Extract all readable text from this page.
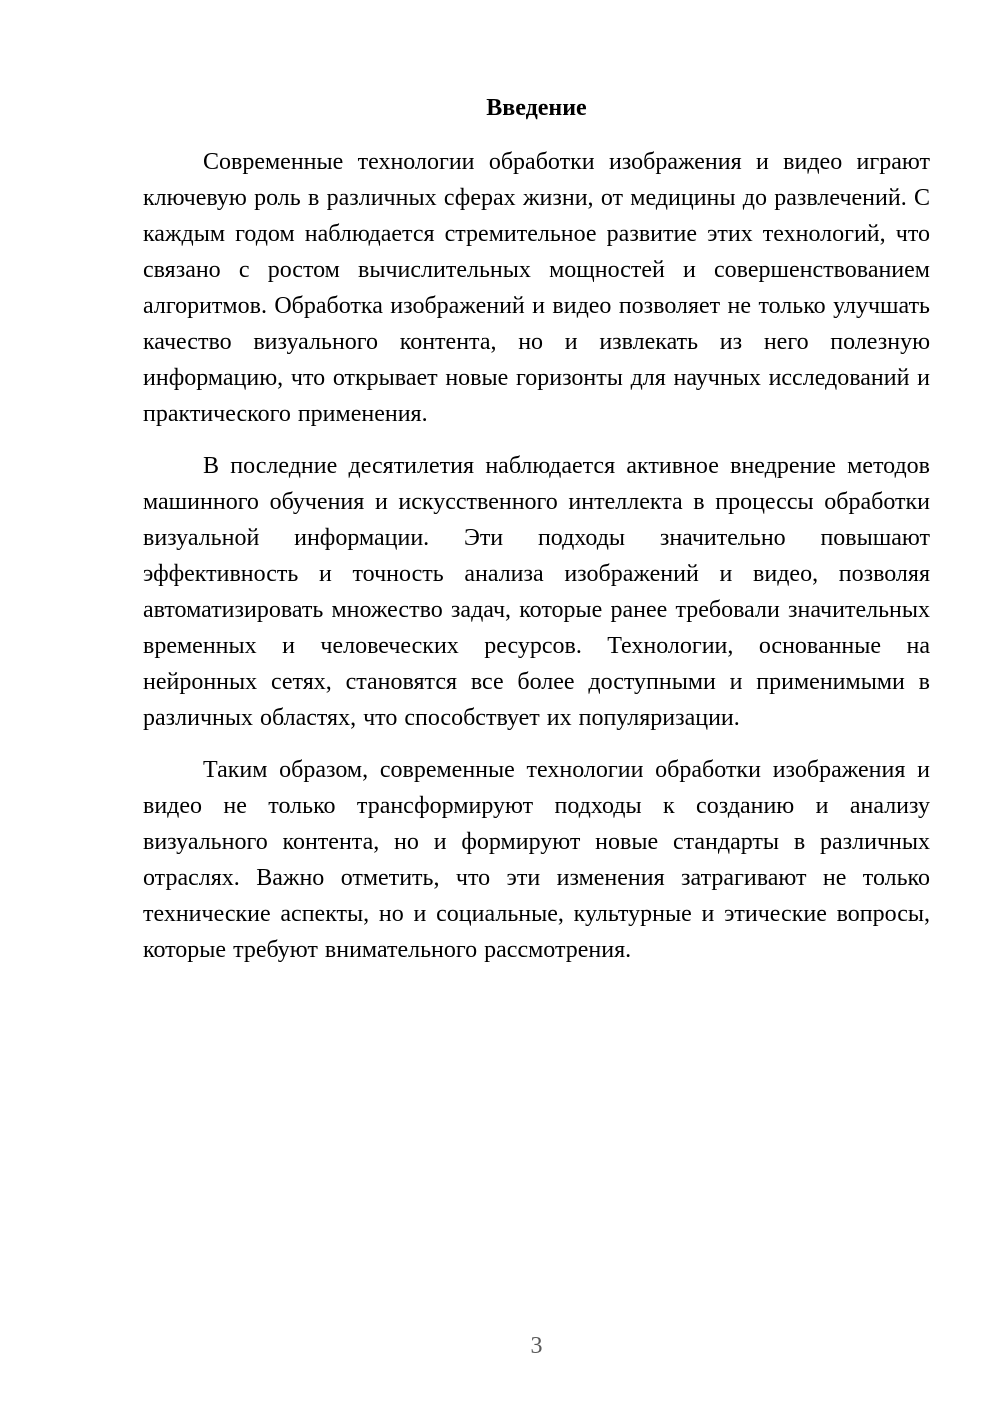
Введение

Современные технологии обработки изображения и видео играют ключевую роль в различных сферах жизни, от медицины до развлечений. С каждым годом наблюдается стремительное развитие этих технологий, что связано с ростом вычислительных мощностей и совершенствованием алгоритмов. Обработка изображений и видео позволяет не только улучшать качество визуального контента, но и извлекать из него полезную информацию, что открывает новые горизонты для научных исследований и практического применения.

В последние десятилетия наблюдается активное внедрение методов машинного обучения и искусственного интеллекта в процессы обработки визуальной информации. Эти подходы значительно повышают эффективность и точность анализа изображений и видео, позволяя автоматизировать множество задач, которые ранее требовали значительных временных и человеческих ресурсов. Технологии, основанные на нейронных сетях, становятся все более доступными и применимыми в различных областях, что способствует их популяризации.

Таким образом, современные технологии обработки изображения и видео не только трансформируют подходы к созданию и анализу визуального контента, но и формируют новые стандарты в различных отраслях. Важно отметить, что эти изменения затрагивают не только технические аспекты, но и социальные, культурные и этические вопросы, которые требуют внимательного рассмотрения.

3
